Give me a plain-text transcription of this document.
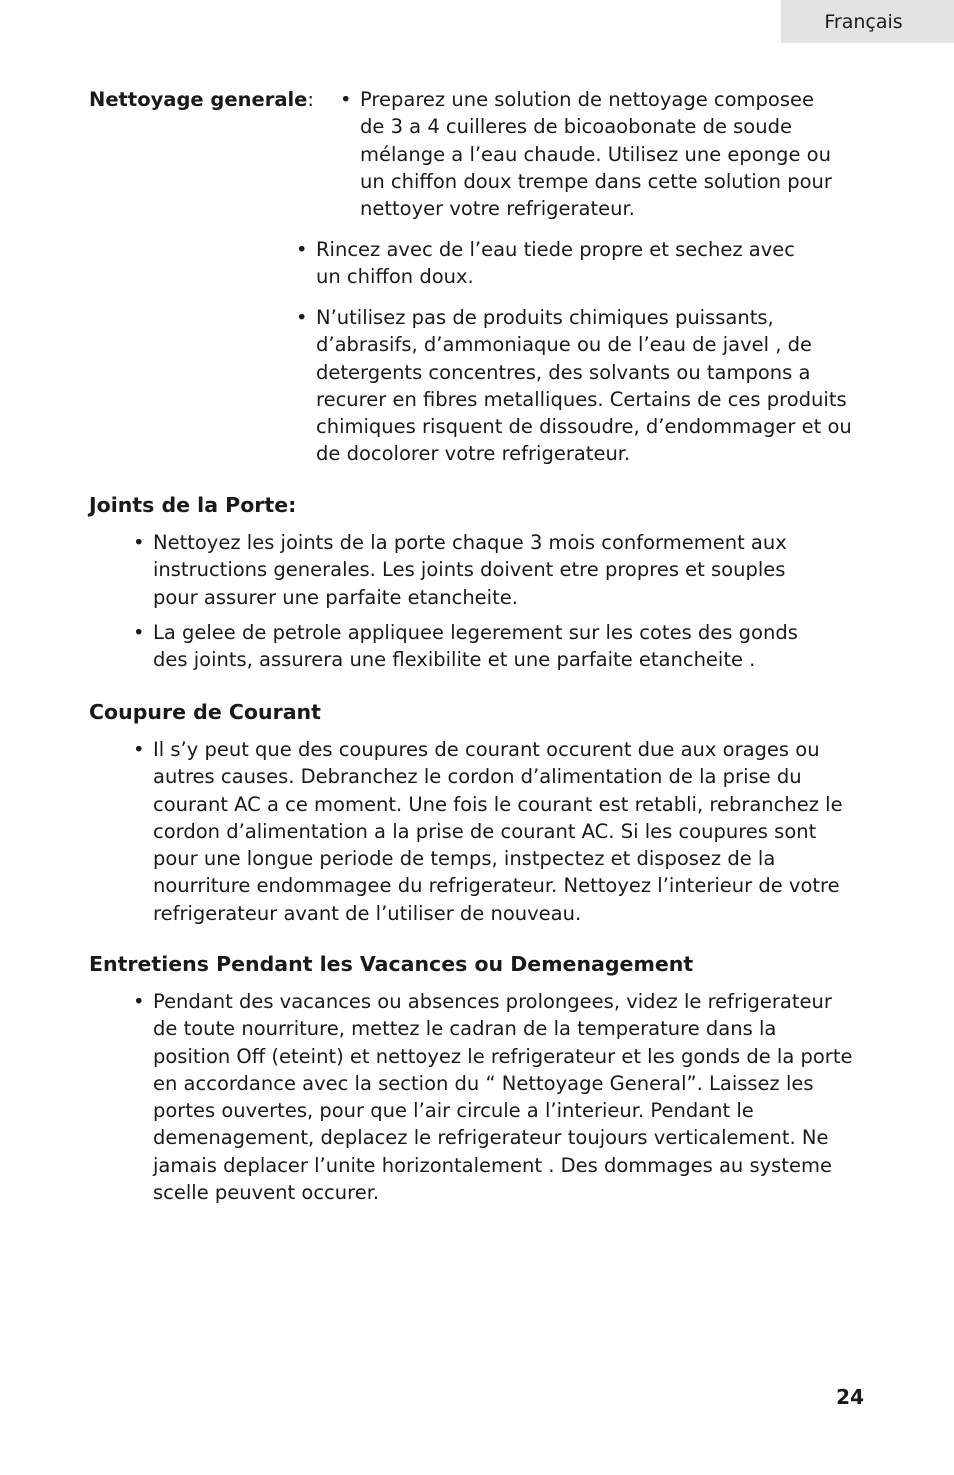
Français
Nettoyage generale: • Preparez une solution de nettoyage composee de 3 a 4 cuilleres de bicoaobonate de soude mélange a l’eau chaude. Utilisez une eponge ou un chiffon doux trempe dans cette solution pour nettoyer votre refrigerateur.
• Rincez avec de l’eau tiede propre et sechez avec un chiffon doux.
• N’utilisez pas de produits chimiques puissants, d’abrasifs, d’ammoniaque ou de l’eau de javel , de detergents concentres, des solvants ou tampons a recurer en fibres metalliques. Certains de ces produits chimiques risquent de dissoudre, d’endommager et ou de docolorer votre refrigerateur.
Joints de la Porte:
• Nettoyez les joints de la porte chaque 3 mois conformement aux instructions generales. Les joints doivent etre propres et souples pour assurer une parfaite etancheite.
• La gelee de petrole appliquee legerement sur les cotes des gonds des joints, assurera une flexibilite et une parfaite etancheite .
Coupure de Courant
• Il s’y peut que des coupures de courant occurent due aux orages ou autres causes. Debranchez le cordon d’alimentation de la prise du courant AC a ce moment. Une fois le courant est retabli, rebranchez le cordon d’alimentation a la prise de courant AC. Si les coupures sont pour une longue periode de temps, instpectez et disposez de la nourriture endommagee du refrigerateur. Nettoyez l’interieur de votre refrigerateur avant de l’utiliser de nouveau.
Entretiens Pendant les Vacances ou Demenagement
• Pendant des vacances ou absences prolongees, videz le refrigerateur de toute nourriture, mettez le cadran de la temperature dans la position Off (eteint) et nettoyez le refrigerateur et les gonds de la porte en accordance avec la section du “ Nettoyage General”. Laissez les portes ouvertes, pour que l’air circule a l’interieur. Pendant le demenagement, deplacez le refrigerateur toujours verticalement. Ne jamais deplacer l’unite horizontalement . Des dommages au systeme scelle peuvent occurer.
24
